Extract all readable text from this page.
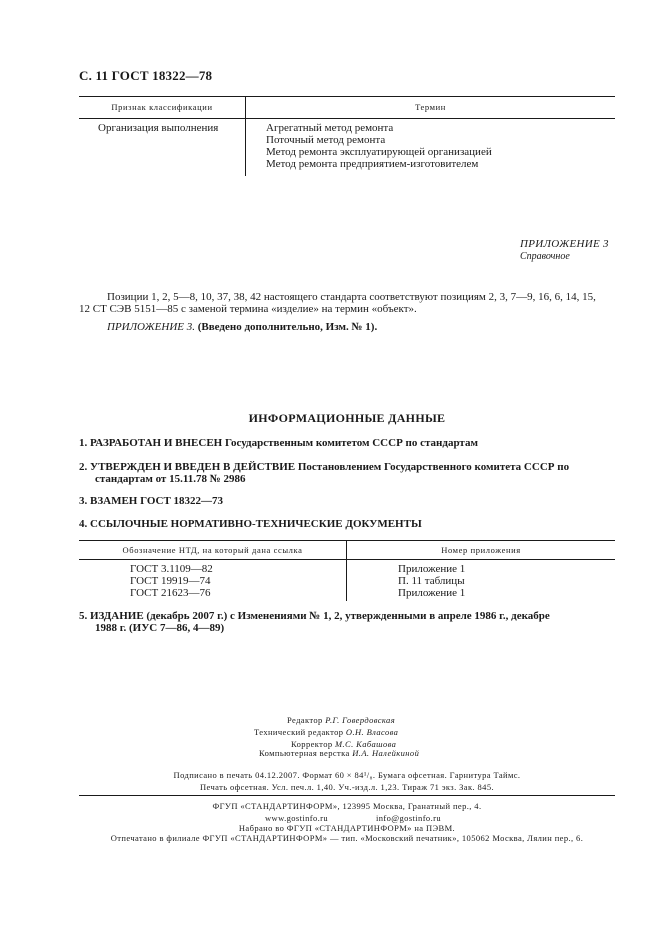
С. 11 ГОСТ 18322—78
Признак классификации	Термин
Организация выполнения	Агрегатный метод ремонта
Поточный метод ремонта
Метод ремонта эксплуатирующей организацией
Метод ремонта предприятием-изготовителем
ПРИЛОЖЕНИЕ 3
Справочное
Позиции 1, 2, 5—8, 10, 37, 38, 42 настоящего стандарта соответствуют позициям 2, 3, 7—9, 16, 6, 14, 15,
12 СТ СЭВ 5151—85 с заменой термина «изделие» на термин «объект».
ПРИЛОЖЕНИЕ 3. (Введено дополнительно, Изм. № 1).
ИНФОРМАЦИОННЫЕ ДАННЫЕ
1. РАЗРАБОТАН И ВНЕСЕН Государственным комитетом СССР по стандартам
2. УТВЕРЖДЕН И ВВЕДЕН В ДЕЙСТВИЕ Постановлением Государственного комитета СССР по
стандартам от 15.11.78 № 2986
3. ВЗАМЕН ГОСТ 18322—73
4. ССЫЛОЧНЫЕ НОРМАТИВНО-ТЕХНИЧЕСКИЕ ДОКУМЕНТЫ
Обозначение НТД, на который дана ссылка	Номер приложения
ГОСТ 3.1109—82	Приложение 1
ГОСТ 19919—74	П. 11 таблицы
ГОСТ 21623—76	Приложение 1
5. ИЗДАНИЕ (декабрь 2007 г.) с Изменениями № 1, 2, утвержденными в апреле 1986 г., декабре
1988 г. (ИУС 7—86, 4—89)
Редактор Р.Г. Говердовская
Технический редактор О.Н. Власова
Корректор М.С. Кабашова
Компьютерная верстка И.А. Налейкиной
Подписано в печать 04.12.2007. Формат 60 × 84¹/₈. Бумага офсетная. Гарнитура Таймс.
Печать офсетная. Усл. печ.л. 1,40. Уч.-изд.л. 1,23. Тираж 71 экз. Зак. 845.
ФГУП «СТАНДАРТИНФОРМ», 123995 Москва, Гранатный пер., 4.
www.gostinfo.ru	info@gostinfo.ru
Набрано во ФГУП «СТАНДАРТИНФОРМ» на ПЭВМ.
Отпечатано в филиале ФГУП «СТАНДАРТИНФОРМ» — тип. «Московский печатник», 105062 Москва, Лялин пер., 6.
